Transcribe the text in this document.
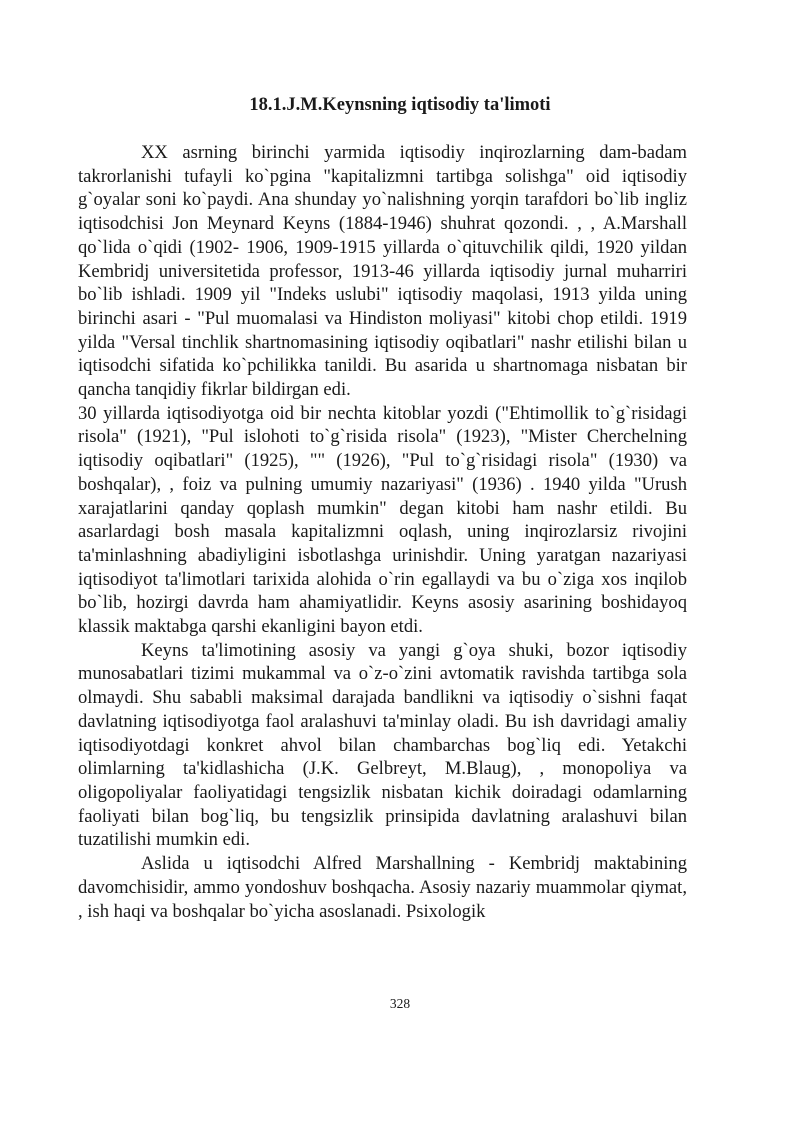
18.1.J.M.Keynsning iqtisodiy ta'limoti

XX asrning birinchi yarmida iqtisodiy inqirozlarning dam-badam takrorlanishi tufayli ko`pgina "kapitalizmni tartibga solishga" oid iqtisodiy g`oyalar soni ko`paydi. Ana shunday yo`nalishning yorqin tarafdori bo`lib ingliz iqtisodchisi Jon Meynard Keyns (1884-1946) shuhrat qozondi. , , A.Marshall qo`lida o`qidi (1902- 1906, 1909-1915 yillarda o`qituvchilik qildi, 1920 yildan Kembridj universitetida professor, 1913-46 yillarda iqtisodiy jurnal muharriri bo`lib ishladi. 1909 yil "Indeks uslubi" iqtisodiy maqolasi, 1913 yilda uning birinchi asari - "Pul muomalasi va Hindiston moliyasi" kitobi chop etildi. 1919 yilda "Versal tinchlik shartnomasining iqtisodiy oqibatlari" nashr etilishi bilan u iqtisodchi sifatida ko`pchilikka tanildi. Bu asarida u shartnomaga nisbatan bir qancha tanqidiy fikrlar bildirgan edi.

30 yillarda iqtisodiyotga oid bir nechta kitoblar yozdi ("Ehtimollik to`g`risidagi risola" (1921), "Pul islohoti to`g`risida risola" (1923), "Mister Cherchelning iqtisodiy oqibatlari" (1925), "" (1926), "Pul to`g`risidagi risola" (1930) va boshqalar), , foiz va pulning umumiy nazariyasi" (1936) . 1940 yilda "Urush xarajatlarini qanday qoplash mumkin" degan kitobi ham nashr etildi. Bu asarlardagi bosh masala kapitalizmni oqlash, uning inqirozlarsiz rivojini ta'minlashning abadiyligini isbotlashga urinishdir. Uning yaratgan nazariyasi iqtisodiyot ta'limotlari tarixida alohida o`rin egallaydi va bu o`ziga xos inqilob bo`lib, hozirgi davrda ham ahamiyatlidir. Keyns asosiy asarining boshidayoq klassik maktabga qarshi ekanligini bayon etdi.

Keyns ta'limotining asosiy va yangi g`oya shuki, bozor iqtisodiy munosabatlari tizimi mukammal va o`z-o`zini avtomatik ravishda tartibga sola olmaydi. Shu sababli maksimal darajada bandlikni va iqtisodiy o`sishni faqat davlatning iqtisodiyotga faol aralashuvi ta'minlay oladi. Bu ish davridagi amaliy iqtisodiyotdagi konkret ahvol bilan chambarchas bog`liq edi. Yetakchi olimlarning ta'kidlashicha (J.K. Gelbreyt, M.Blaug), , monopoliya va oligopoliyalar faoliyatidagi tengsizlik nisbatan kichik doiradagi odamlarning faoliyati bilan bog`liq, bu tengsizlik prinsipida davlatning aralashuvi bilan tuzatilishi mumkin edi.

Aslida u iqtisodchi Alfred Marshallning - Kembridj maktabining davomchisidir, ammo yondoshuv boshqacha. Asosiy nazariy muammolar qiymat, , ish haqi va boshqalar bo`yicha asoslanadi. Psixologik

328
